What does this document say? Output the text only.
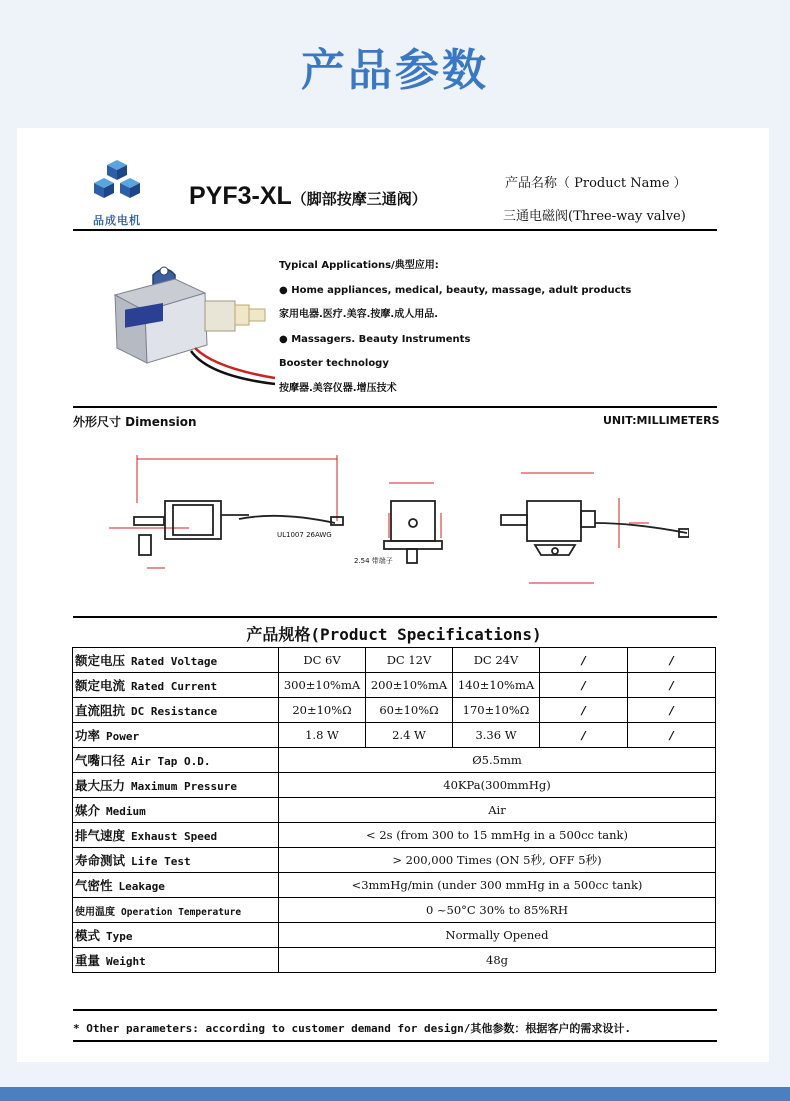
产品参数
品成电机
PYF3-XL（脚部按摩三通阀）
产品名称（ Product Name ）
三通电磁阀(Three-way valve)
Typical Applications/典型应用:
● Home appliances, medical, beauty, massage, adult products
家用电器.医疗.美容.按摩.成人用品.
● Massagers. Beauty Instruments
Booster technology
按摩器.美容仪器.增压技术
外形尺寸 Dimension	UNIT:MILLIMETERS
UL1007 26AWG
2.54 带端子
产品规格(Product Specifications)
额定电压 Rated Voltage	DC 6V	DC 12V	DC 24V	/	/
额定电流 Rated Current	300±10%mA	200±10%mA	140±10%mA	/	/
直流阻抗 DC Resistance	20±10%Ω	60±10%Ω	170±10%Ω	/	/
功率 Power	1.8 W	2.4 W	3.36 W	/	/
气嘴口径 Air Tap O.D.	Ø5.5mm				
最大压力 Maximum Pressure	40KPa(300mmHg)				
媒介 Medium	Air				
排气速度 Exhaust Speed	< 2s (from 300 to 15 mmHg in a 500cc tank)				
寿命测试 Life Test	> 200,000 Times (ON 5秒, OFF 5秒)				
气密性 Leakage	<3mmHg/min (under 300 mmHg in a 500cc tank)				
使用温度 Operation Temperature	0 ~50°C 30% to 85%RH				
模式 Type	Normally Opened				
重量 Weight	48g				
* Other parameters: according to customer demand for design/其他参数：根据客户的需求设计.
